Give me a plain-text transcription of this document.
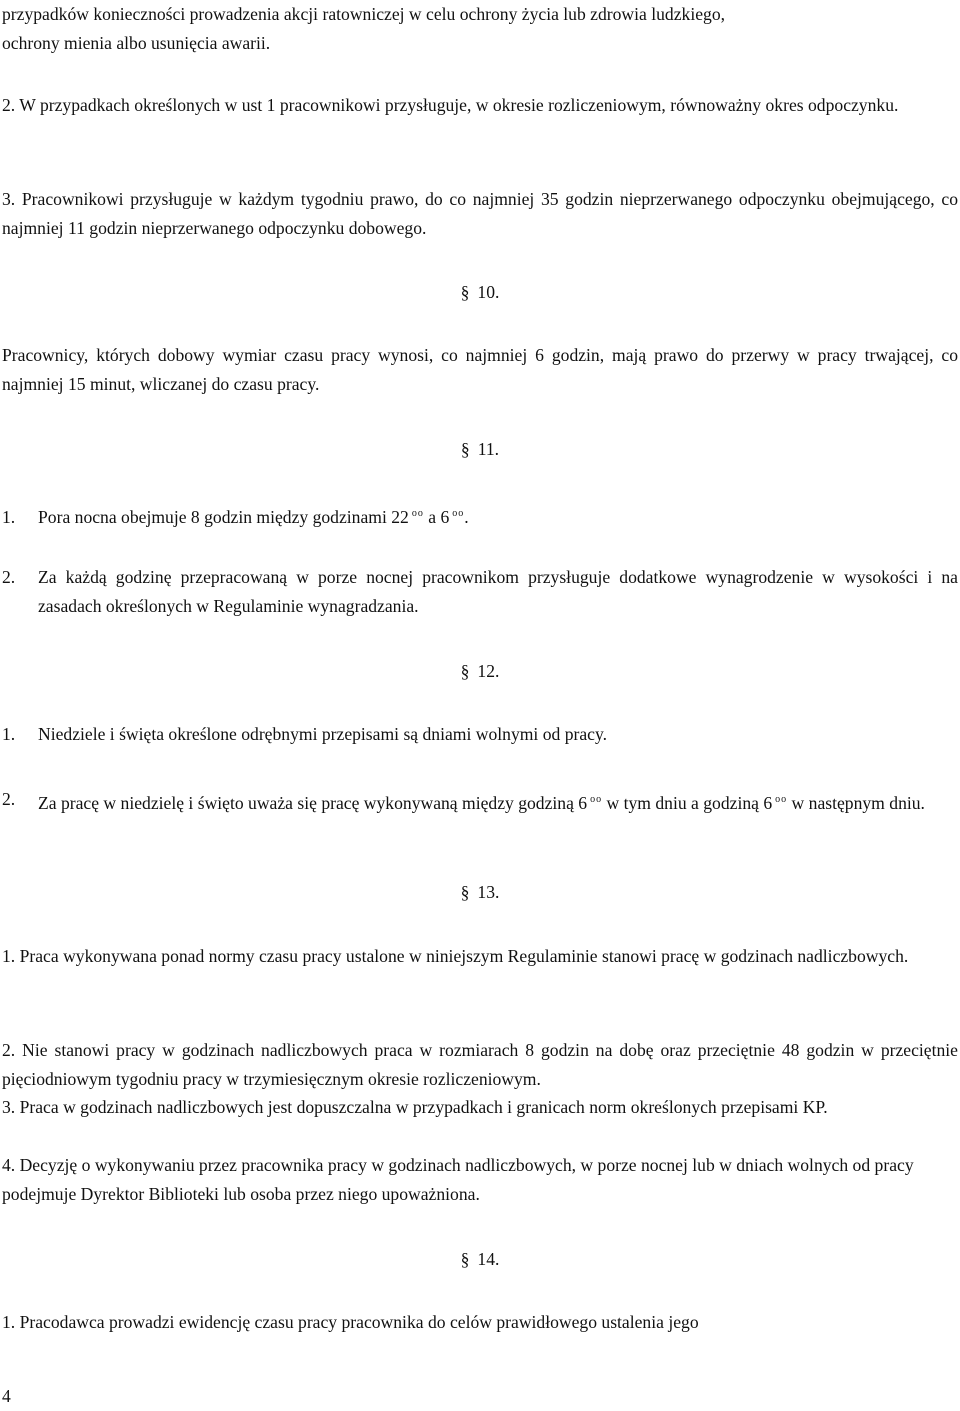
przypadków konieczności prowadzenia akcji ratowniczej w celu ochrony życia lub zdrowia ludzkiego,
ochrony mienia albo usunięcia awarii.

2. W przypadkach określonych w ust 1 pracownikowi przysługuje, w okresie rozliczeniowym, równoważny okres odpoczynku.

3. Pracownikowi przysługuje w każdym tygodniu prawo, do co najmniej 35 godzin nieprzerwanego odpoczynku obejmującego, co najmniej 11 godzin nieprzerwanego odpoczynku dobowego.

§ 10.

Pracownicy, których dobowy wymiar czasu pracy wynosi, co najmniej 6 godzin, mają prawo do przerwy w pracy trwającej, co najmniej 15 minut, wliczanej do czasu pracy.

§ 11.

1. Pora nocna obejmuje 8 godzin między godzinami 22 $^{oo}$ a 6 $^{oo}$.

2.	Za każdą godzinę przepracowaną w porze nocnej pracownikom przysługuje dodatkowe wynagrodzenie w wysokości i na zasadach określonych w Regulaminie wynagradzania.
§ 12.

1. Niedziele i święta określone odrębnymi przepisami są dniami wolnymi od pracy.

2.	Za pracę w niedzielę i święto uważa się pracę wykonywaną między godziną 6 $^{oo}$ w tym dniu a godziną 6 $^{oo}$ w następnym dniu.
§ 13.

1. Praca wykonywana ponad normy czasu pracy ustalone w niniejszym Regulaminie stanowi pracę w godzinach nadliczbowych.

2. Nie stanowi pracy w godzinach nadliczbowych praca w rozmiarach 8 godzin na dobę oraz przeciętnie 48 godzin w przeciętnie pięciodniowym tygodniu pracy w trzymiesięcznym okresie rozliczeniowym.

3. Praca w godzinach nadliczbowych jest dopuszczalna w przypadkach i granicach norm określonych przepisami KP.

4. Decyzję o wykonywaniu przez pracownika pracy w godzinach nadliczbowych, w porze nocnej lub w dniach wolnych od pracy podejmuje Dyrektor Biblioteki lub osoba przez niego upoważniona.

§ 14.

1. Pracodawca prowadzi ewidencję czasu pracy pracownika do celów prawidłowego ustalenia jego

4
